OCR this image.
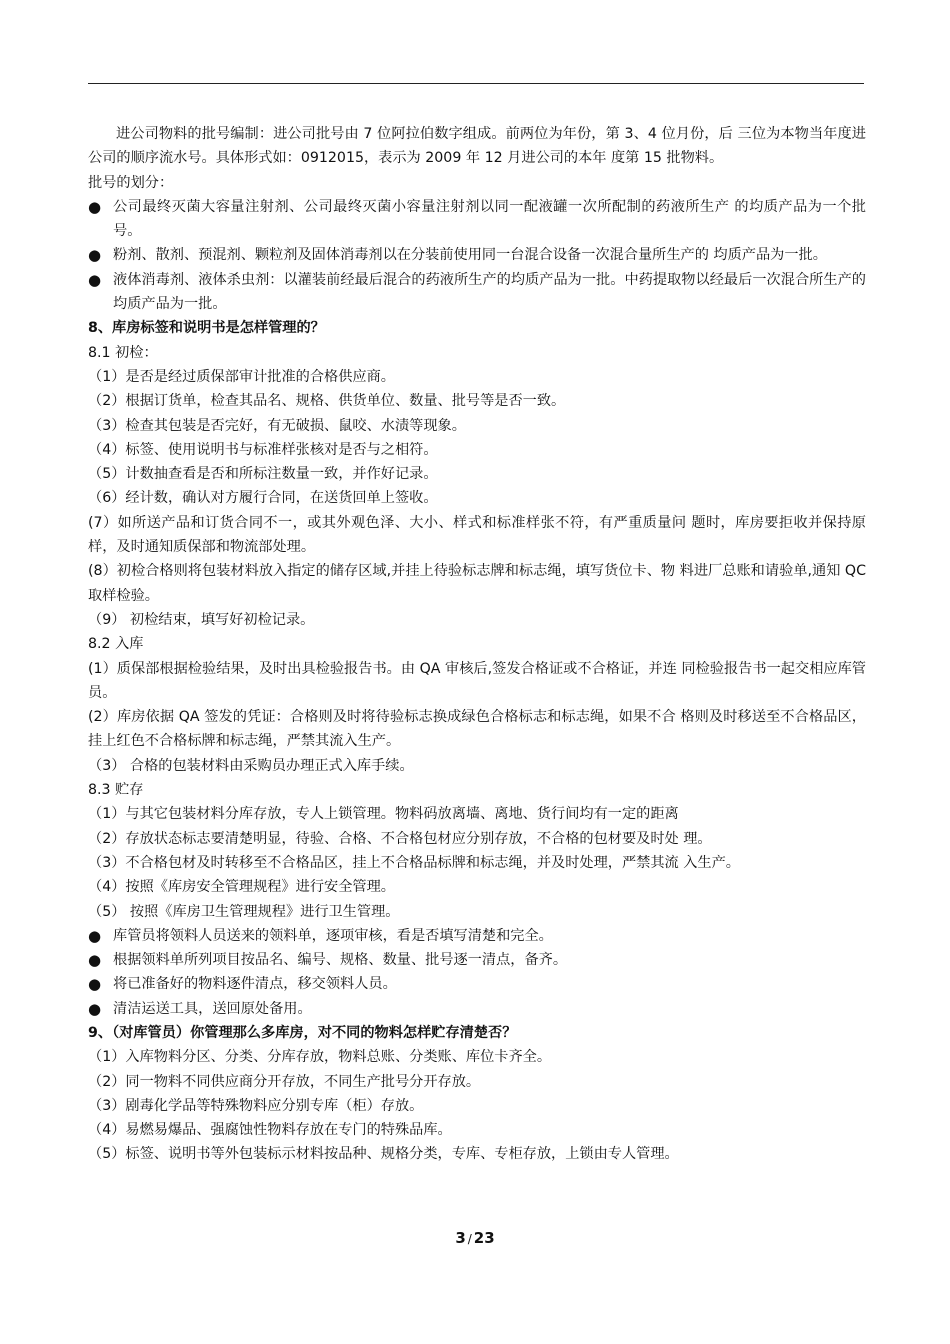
进公司物料的批号编制：进公司批号由 7 位阿拉伯数字组成。前两位为年份，第 3、4 位月份，后 三位为本物当年度进公司的顺序流水号。具体形式如：0912015，表示为 2009 年 12 月进公司的本年 度第 15 批物料。
批号的划分：
● 公司最终灭菌大容量注射剂、公司最终灭菌小容量注射剂以同一配液罐一次所配制的药液所生产 的均质产品为一个批号。
● 粉剂、散剂、预混剂、颗粒剂及固体消毒剂以在分装前使用同一台混合设备一次混合量所生产的 均质产品为一批。
● 液体消毒剂、液体杀虫剂：以灌装前经最后混合的药液所生产的均质产品为一批。中药提取物以经最后一次混合所生产的均质产品为一批。
8、库房标签和说明书是怎样管理的？
8.1 初检：
（1）是否是经过质保部审计批准的合格供应商。
（2）根据订货单，检查其品名、规格、供货单位、数量、批号等是否一致。
（3）检查其包装是否完好，有无破损、鼠咬、水渍等现象。
（4）标签、使用说明书与标准样张核对是否与之相符。
（5）计数抽查看是否和所标注数量一致，并作好记录。
（6）经计数，确认对方履行合同，在送货回单上签收。
(7）如所送产品和订货合同不一，或其外观色泽、大小、样式和标准样张不符，有严重质量问 题时，库房要拒收并保持原样，及时通知质保部和物流部处理。
(8）初检合格则将包装材料放入指定的储存区域,并挂上待验标志牌和标志绳，填写货位卡、物 料进厂总账和请验单,通知 QC 取样检验。
（9） 初检结束，填写好初检记录。
8.2 入库
(1）质保部根据检验结果，及时出具检验报告书。由 QA 审核后,签发合格证或不合格证，并连 同检验报告书一起交相应库管员。
(2）库房依据 QA 签发的凭证：合格则及时将待验标志换成绿色合格标志和标志绳，如果不合 格则及时移送至不合格品区，挂上红色不合格标牌和标志绳，严禁其流入生产。
（3） 合格的包装材料由采购员办理正式入库手续。
8.3 贮存
（1）与其它包装材料分库存放，专人上锁管理。物料码放离墙、离地、货行间均有一定的距离
（2）存放状态标志要清楚明显，待验、合格、不合格包材应分别存放，不合格的包材要及时处 理。
（3）不合格包材及时转移至不合格品区，挂上不合格品标牌和标志绳，并及时处理，严禁其流 入生产。
（4）按照《库房安全管理规程》进行安全管理。
（5） 按照《库房卫生管理规程》进行卫生管理。
● 库管员将领料人员送来的领料单，逐项审核，看是否填写清楚和完全。
● 根据领料单所列项目按品名、编号、规格、数量、批号逐一清点，备齐。
● 将已准备好的物料逐件清点，移交领料人员。
● 清洁运送工具，送回原处备用。
9、（对库管员）你管理那么多库房，对不同的物料怎样贮存清楚否？
（1）入库物料分区、分类、分库存放，物料总账、分类账、库位卡齐全。
（2）同一物料不同供应商分开存放，不同生产批号分开存放。
（3）剧毒化学品等特殊物料应分别专库（柜）存放。
（4）易燃易爆品、强腐蚀性物料存放在专门的特殊品库。
（5）标签、说明书等外包装标示材料按品种、规格分类，专库、专柜存放，上锁由专人管理。
3 / 23
